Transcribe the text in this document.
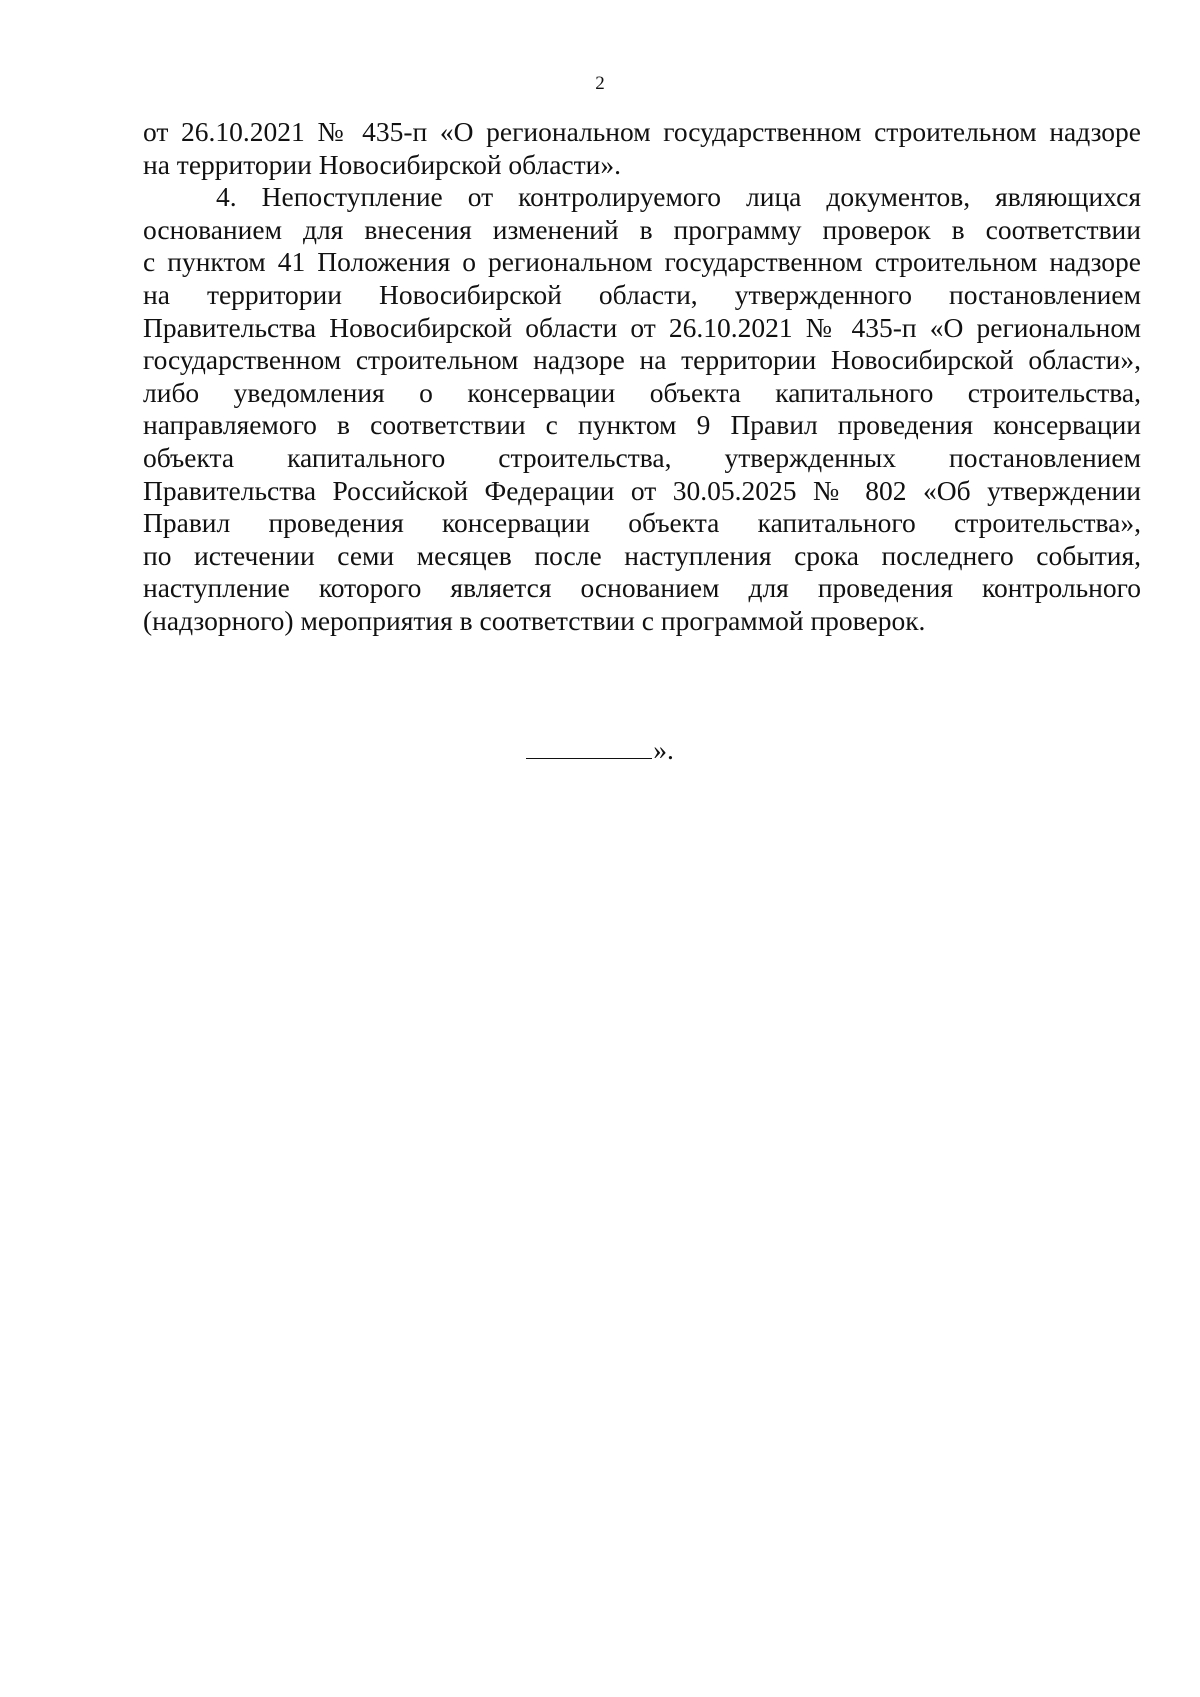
2
от 26.10.2021 № 435-п «О региональном государственном строительном надзоре
на территории Новосибирской области».
4. Непоступление от контролируемого лица документов, являющихся
основанием для внесения изменений в программу проверок в соответствии
с пунктом 41 Положения о региональном государственном строительном надзоре
на территории Новосибирской области, утвержденного постановлением
Правительства Новосибирской области от 26.10.2021 № 435-п «О региональном
государственном строительном надзоре на территории Новосибирской области»,
либо уведомления о консервации объекта капитального строительства,
направляемого в соответствии с пунктом 9 Правил проведения консервации
объекта капитального строительства, утвержденных постановлением
Правительства Российской Федерации от 30.05.2025 № 802 «Об утверждении
Правил проведения консервации объекта капитального строительства»,
по истечении семи месяцев после наступления срока последнего события,
наступление которого является основанием для проведения контрольного
(надзорного) мероприятия в соответствии с программой проверок.
».
